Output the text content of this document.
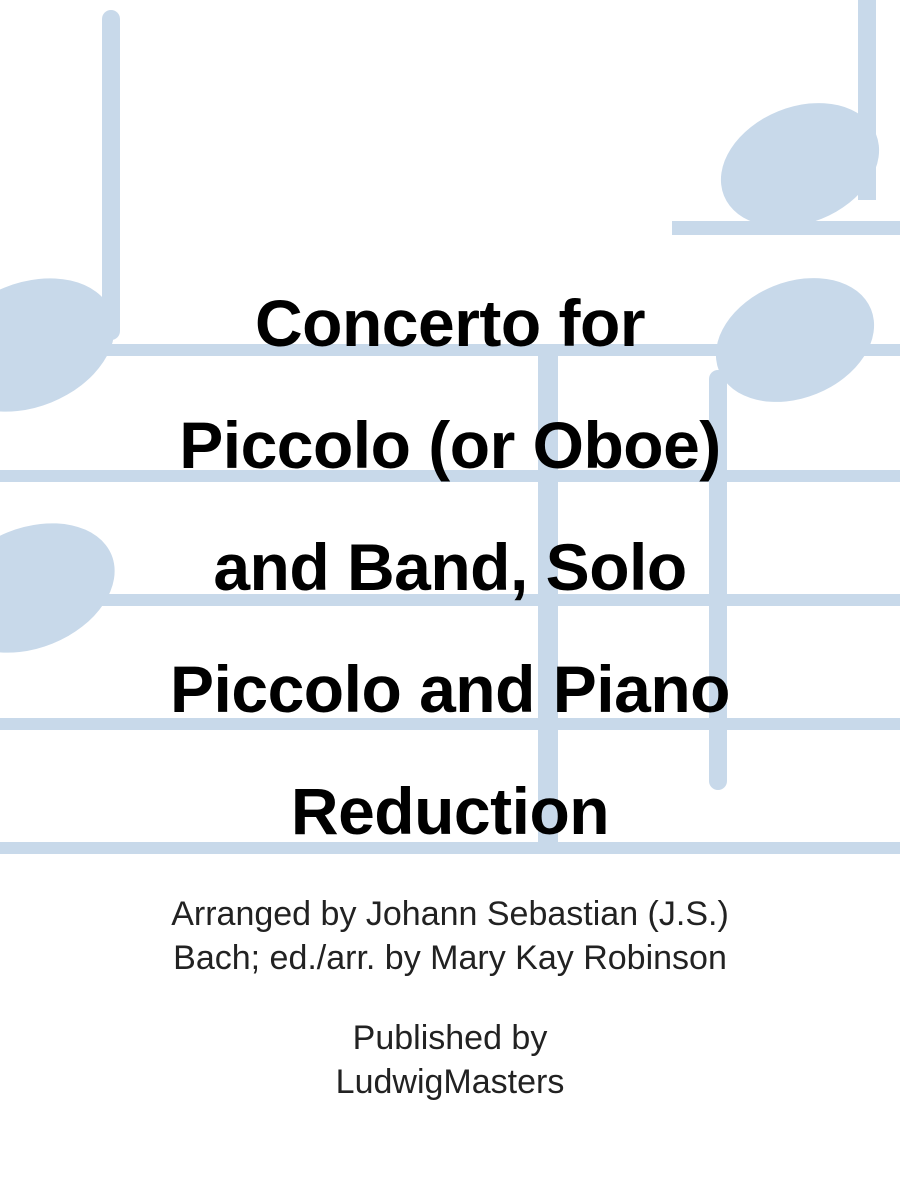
Concerto for
Piccolo (or Oboe)
and Band, Solo
Piccolo and Piano
Reduction

Arranged by Johann Sebastian (J.S.)
Bach; ed./arr. by Mary Kay Robinson

Published by
LudwigMasters
